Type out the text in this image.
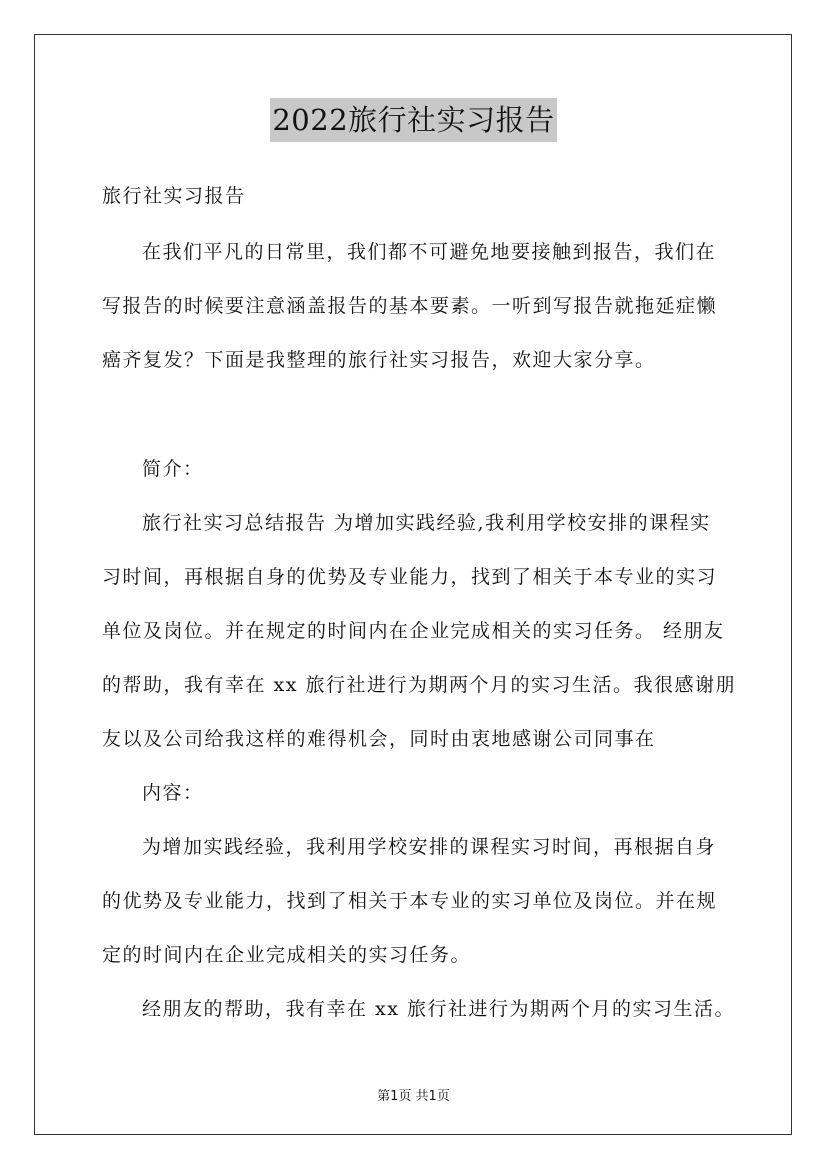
2022旅行社实习报告
旅行社实习报告
在我们平凡的日常里，我们都不可避免地要接触到报告，我们在
写报告的时候要注意涵盖报告的基本要素。一听到写报告就拖延症懒
癌齐复发？下面是我整理的旅行社实习报告，欢迎大家分享。
简介：
旅行社实习总结报告 为增加实践经验,我利用学校安排的课程实
习时间，再根据自身的优势及专业能力，找到了相关于本专业的实习
单位及岗位。并在规定的时间内在企业完成相关的实习任务。 经朋友
的帮助，我有幸在 xx 旅行社进行为期两个月的实习生活。我很感谢朋
友以及公司给我这样的难得机会，同时由衷地感谢公司同事在
内容：
为增加实践经验，我利用学校安排的课程实习时间，再根据自身
的优势及专业能力，找到了相关于本专业的实习单位及岗位。并在规
定的时间内在企业完成相关的实习任务。
经朋友的帮助，我有幸在 xx 旅行社进行为期两个月的实习生活。
第1页 共1页
